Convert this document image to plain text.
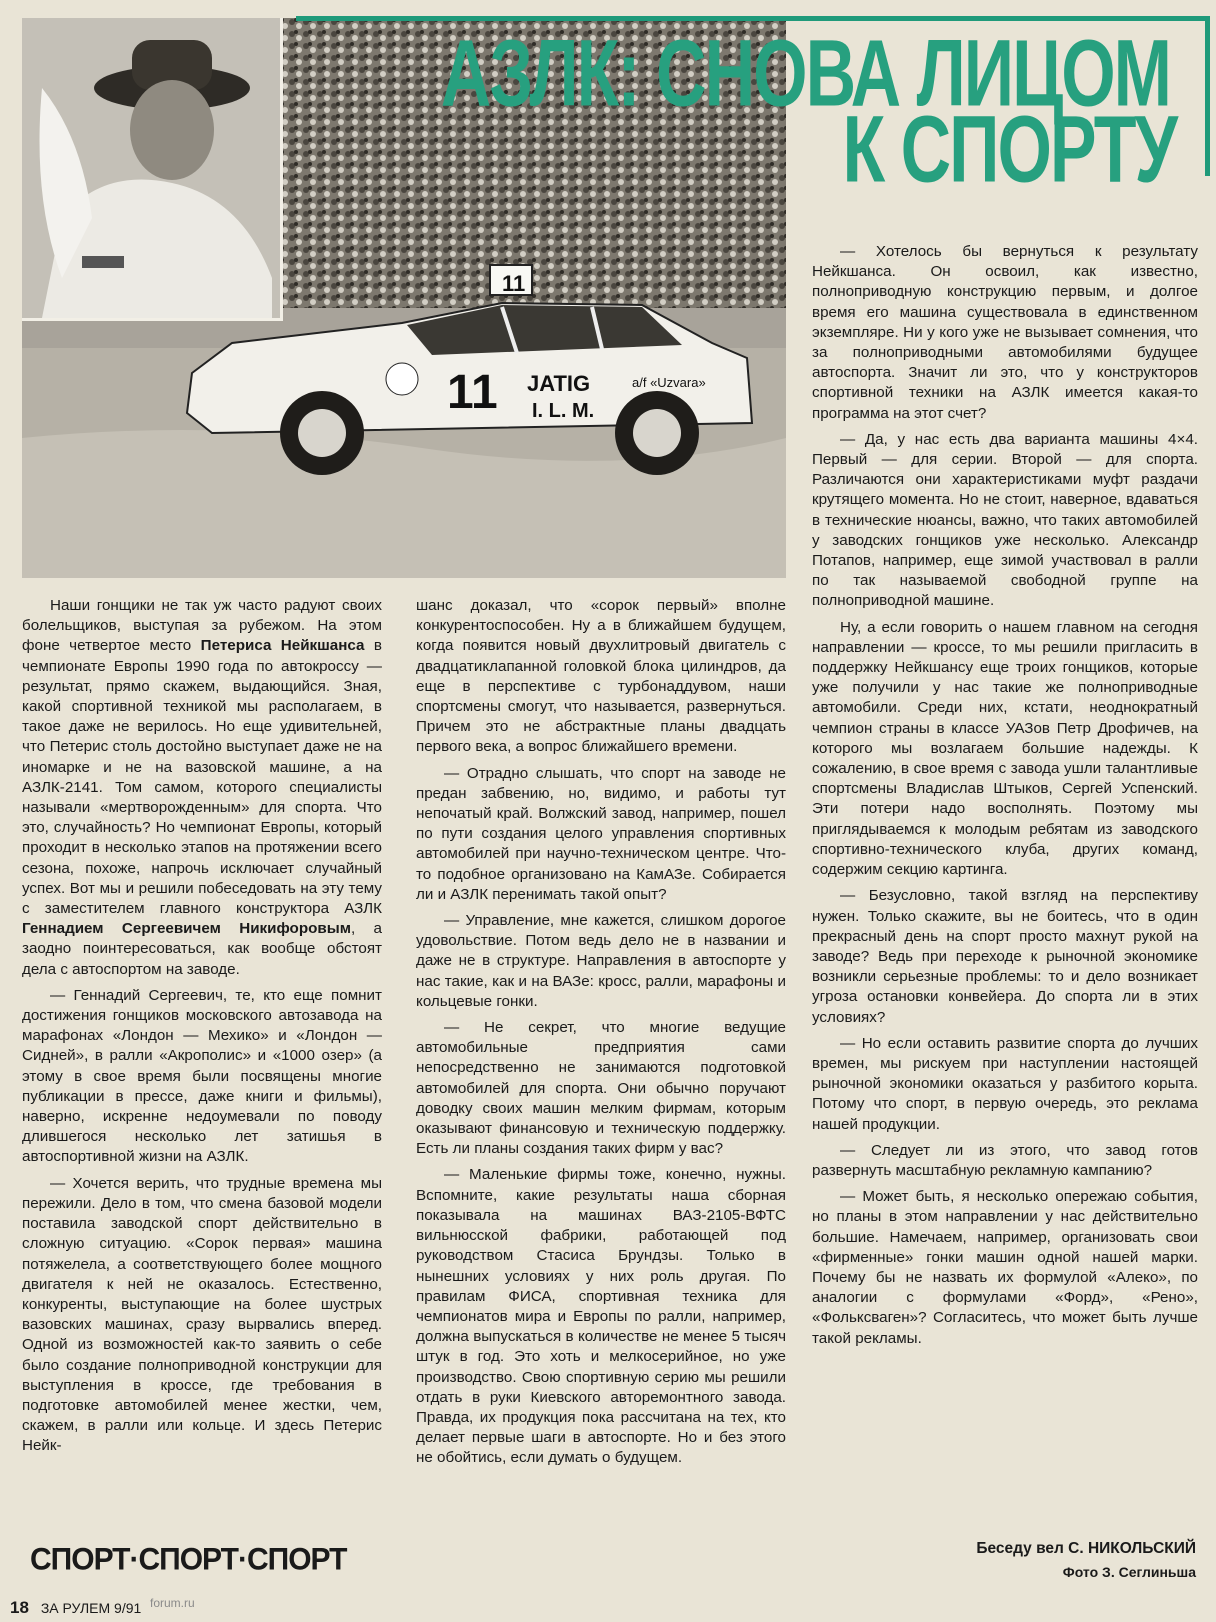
11
11 JATIG
I. L. M.
a/f «Uzvara»
АЗЛК: СНОВА ЛИЦОМ
К СПОРТУ

Наши гонщики не так уж часто радуют своих болельщиков, выступая за рубежом. На этом фоне четвертое место Петериса Нейкшанса в чемпионате Европы 1990 года по автокроссу — результат, прямо скажем, выдающийся. Зная, какой спортивной техникой мы располагаем, в такое даже не верилось. Но еще удивительней, что Петерис столь достойно выступает даже не на иномарке и не на вазовской машине, а на АЗЛК-2141. Том самом, которого специалисты называли «мертворожденным» для спорта. Что это, случайность? Но чемпионат Европы, который проходит в несколько этапов на протяжении всего сезона, похоже, напрочь исключает случайный успех. Вот мы и решили побеседовать на эту тему с заместителем главного конструктора АЗЛК Геннадием Сергеевичем Никифоровым, а заодно поинтересоваться, как вообще обстоят дела с автоспортом на заводе.

— Геннадий Сергеевич, те, кто еще помнит достижения гонщиков московского автозавода на марафонах «Лондон — Мехико» и «Лондон — Сидней», в ралли «Акрополис» и «1000 озер» (а этому в свое время были посвящены многие публикации в прессе, даже книги и фильмы), наверно, искренне недоумевали по поводу длившегося несколько лет затишья в автоспортивной жизни на АЗЛК.

— Хочется верить, что трудные времена мы пережили. Дело в том, что смена базовой модели поставила заводской спорт действительно в сложную ситуацию. «Сорок первая» машина потяжелела, а соответствующего более мощного двигателя к ней не оказалось. Естественно, конкуренты, выступающие на более шустрых вазовских машинах, сразу вырвались вперед. Одной из возможностей как-то заявить о себе было создание полноприводной конструкции для выступления в кроссе, где требования в подготовке автомобилей менее жестки, чем, скажем, в ралли или кольце. И здесь Петерис Нейк-

шанс доказал, что «сорок первый» вполне конкурентоспособен. Ну а в ближайшем будущем, когда появится новый двухлитровый двигатель с двадцатиклапанной головкой блока цилиндров, да еще в перспективе с турбонаддувом, наши спортсмены смогут, что называется, развернуться. Причем это не абстрактные планы двадцать первого века, а вопрос ближайшего времени.

— Отрадно слышать, что спорт на заводе не предан забвению, но, видимо, и работы тут непочатый край. Волжский завод, например, пошел по пути создания целого управления спортивных автомобилей при научно-техническом центре. Что-то подобное организовано на КамАЗе. Собирается ли и АЗЛК перенимать такой опыт?

— Управление, мне кажется, слишком дорогое удовольствие. Потом ведь дело не в названии и даже не в структуре. Направления в автоспорте у нас такие, как и на ВАЗе: кросс, ралли, марафоны и кольцевые гонки.

— Не секрет, что многие ведущие автомобильные предприятия сами непосредственно не занимаются подготовкой автомобилей для спорта. Они обычно поручают доводку своих машин мелким фирмам, которым оказывают финансовую и техническую поддержку. Есть ли планы создания таких фирм у вас?

— Маленькие фирмы тоже, конечно, нужны. Вспомните, какие результаты наша сборная показывала на машинах ВАЗ-2105-ВФТС вильнюсской фабрики, работающей под руководством Стасиса Брундзы. Только в нынешних условиях у них роль другая. По правилам ФИСА, спортивная техника для чемпионатов мира и Европы по ралли, например, должна выпускаться в количестве не менее 5 тысяч штук в год. Это хоть и мелкосерийное, но уже производство. Свою спортивную серию мы решили отдать в руки Киевского авторемонтного завода. Правда, их продукция пока рассчитана на тех, кто делает первые шаги в автоспорте. Но и без этого не обойтись, если думать о будущем.

— Хотелось бы вернуться к результату Нейкшанса. Он освоил, как известно, полноприводную конструкцию первым, и долгое время его машина существовала в единственном экземпляре. Ни у кого уже не вызывает сомнения, что за полноприводными автомобилями будущее автоспорта. Значит ли это, что у конструкторов спортивной техники на АЗЛК имеется какая-то программа на этот счет?

— Да, у нас есть два варианта машины 4×4. Первый — для серии. Второй — для спорта. Различаются они характеристиками муфт раздачи крутящего момента. Но не стоит, наверное, вдаваться в технические нюансы, важно, что таких автомобилей у заводских гонщиков уже несколько. Александр Потапов, например, еще зимой участвовал в ралли по так называемой свободной группе на полноприводной машине.

Ну, а если говорить о нашем главном на сегодня направлении — кроссе, то мы решили пригласить в поддержку Нейкшансу еще троих гонщиков, которые уже получили у нас такие же полноприводные автомобили. Среди них, кстати, неоднократный чемпион страны в классе УАЗов Петр Дрофичев, на которого мы возлагаем большие надежды. К сожалению, в свое время с завода ушли талантливые спортсмены Владислав Штыков, Сергей Успенский. Эти потери надо восполнять. Поэтому мы приглядываемся к молодым ребятам из заводского спортивно-технического клуба, других команд, содержим секцию картинга.

— Безусловно, такой взгляд на перспективу нужен. Только скажите, вы не боитесь, что в один прекрасный день на спорт просто махнут рукой на заводе? Ведь при переходе к рыночной экономике возникли серьезные проблемы: то и дело возникает угроза остановки конвейера. До спорта ли в этих условиях?

— Но если оставить развитие спорта до лучших времен, мы рискуем при наступлении настоящей рыночной экономики оказаться у разбитого корыта. Потому что спорт, в первую очередь, это реклама нашей продукции.

— Следует ли из этого, что завод готов развернуть масштабную рекламную кампанию?

— Может быть, я несколько опережаю события, но планы в этом направлении у нас действительно большие. Намечаем, например, организовать свои «фирменные» гонки машин одной нашей марки. Почему бы не назвать их формулой «Алеко», по аналогии с формулами «Форд», «Рено», «Фольксваген»? Согласитесь, что может быть лучше такой рекламы.

Беседу вел С. НИКОЛЬСКИЙ
Фото З. Сеглиньша
СПОРТ·СПОРТ·СПОРТ
18 ЗА РУЛЕМ 9/91 forum.ru
